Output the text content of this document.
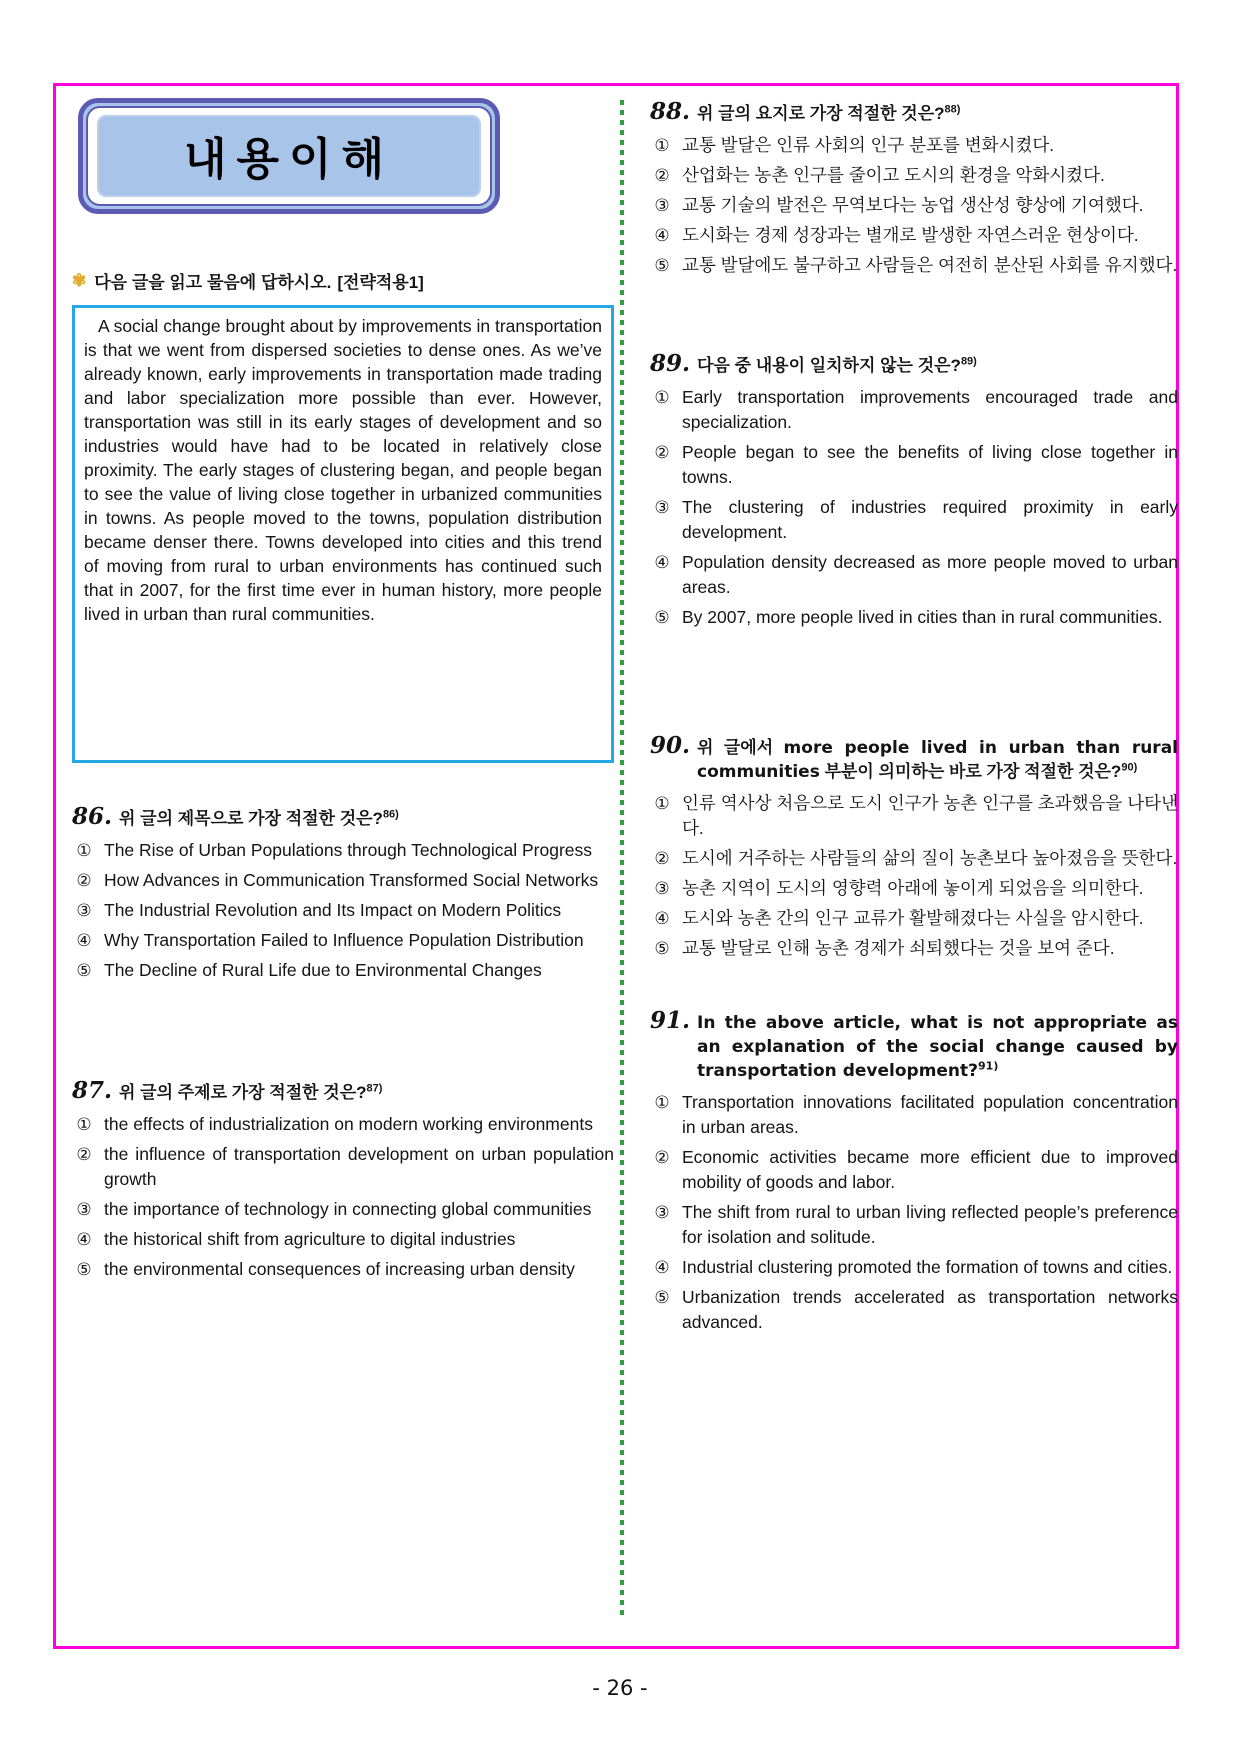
내용이해
✾ 다음 글을 읽고 물음에 답하시오. [전략적용1]

A social change brought about by improvements in transportation is that we went from dispersed societies to dense ones. As we’ve already known, early improvements in transportation made trading and labor specialization more possible than ever. However, transportation was still in its early stages of development and so industries would have had to be located in relatively close proximity. The early stages of clustering began, and people began to see the value of living close together in urbanized communities in towns. As people moved to the towns, population distribution became denser there. Towns developed into cities and this trend of moving from rural to urban environments has continued such that in 2007, for the first time ever in human history, more people lived in urban than rural communities.

86. 위 글의 제목으로 가장 적절한 것은?$^{86)}$
① The Rise of Urban Populations through Technological Progress
② How Advances in Communication Transformed Social Networks
③ The Industrial Revolution and Its Impact on Modern Politics
④ Why Transportation Failed to Influence Population Distribution
⑤ The Decline of Rural Life due to Environmental Changes
87. 위 글의 주제로 가장 적절한 것은?$^{87)}$
① the effects of industrialization on modern working environments
② the influence of transportation development on urban population growth
③ the importance of technology in connecting global communities
④ the historical shift from agriculture to digital industries
⑤ the environmental consequences of increasing urban density
88. 위 글의 요지로 가장 적절한 것은?$^{88)}$
① 교통 발달은 인류 사회의 인구 분포를 변화시켰다.
② 산업화는 농촌 인구를 줄이고 도시의 환경을 악화시켰다.
③ 교통 기술의 발전은 무역보다는 농업 생산성 향상에 기여했다.
④ 도시화는 경제 성장과는 별개로 발생한 자연스러운 현상이다.
⑤ 교통 발달에도 불구하고 사람들은 여전히 분산된 사회를 유지했다.
89. 다음 중 내용이 일치하지 않는 것은?$^{89)}$
① Early transportation improvements encouraged trade and specialization.
② People began to see the benefits of living close together in towns.
③ The clustering of industries required proximity in early development.
④ Population density decreased as more people moved to urban areas.
⑤ By 2007, more people lived in cities than in rural communities.
90. 위 글에서 more people lived in urban than rural communities 부분이 의미하는 바로 가장 적절한 것은?$^{90)}$
① 인류 역사상 처음으로 도시 인구가 농촌 인구를 초과했음을 나타낸다.
② 도시에 거주하는 사람들의 삶의 질이 농촌보다 높아졌음을 뜻한다.
③ 농촌 지역이 도시의 영향력 아래에 놓이게 되었음을 의미한다.
④ 도시와 농촌 간의 인구 교류가 활발해졌다는 사실을 암시한다.
⑤ 교통 발달로 인해 농촌 경제가 쇠퇴했다는 것을 보여 준다.
91. In the above article, what is not appropriate as an explanation of the social change caused by transportation development?$^{91)}$
① Transportation innovations facilitated population concentration in urban areas.
② Economic activities became more efficient due to improved mobility of goods and labor.
③ The shift from rural to urban living reflected people’s preference for isolation and solitude.
④ Industrial clustering promoted the formation of towns and cities.
⑤ Urbanization trends accelerated as transportation networks advanced.
- 26 -
